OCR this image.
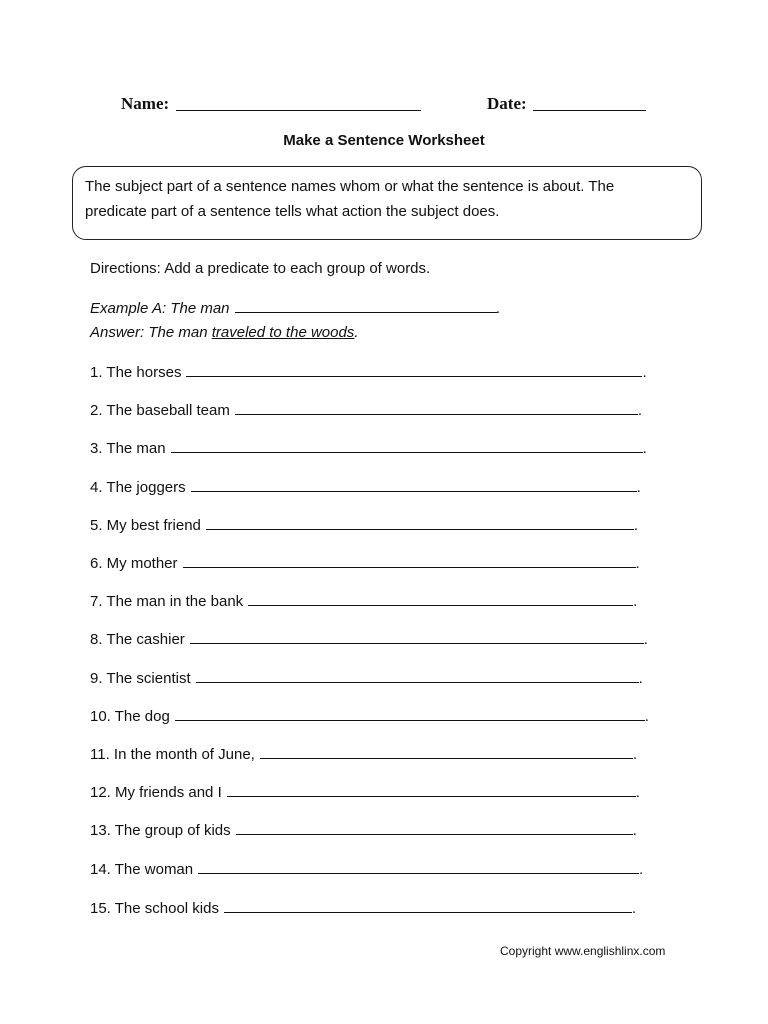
Name:	Date:
Make a Sentence Worksheet

The subject part of a sentence names whom or what the sentence is about. The

predicate part of a sentence tells what action the subject does.

Directions: Add a predicate to each group of words.
Example A: The man	.
Answer: The man traveled to the woods.
1. The horses	.
2. The baseball team	.
3. The man	.
4. The joggers	.
5. My best friend	.
6. My mother	.
7. The man in the bank	.
8. The cashier	.
9. The scientist	.
10. The dog	.
11. In the month of June,	.
12. My friends and I	.
13. The group of kids	.
14. The woman	.
15. The school kids	.
Copyright www.englishlinx.com
